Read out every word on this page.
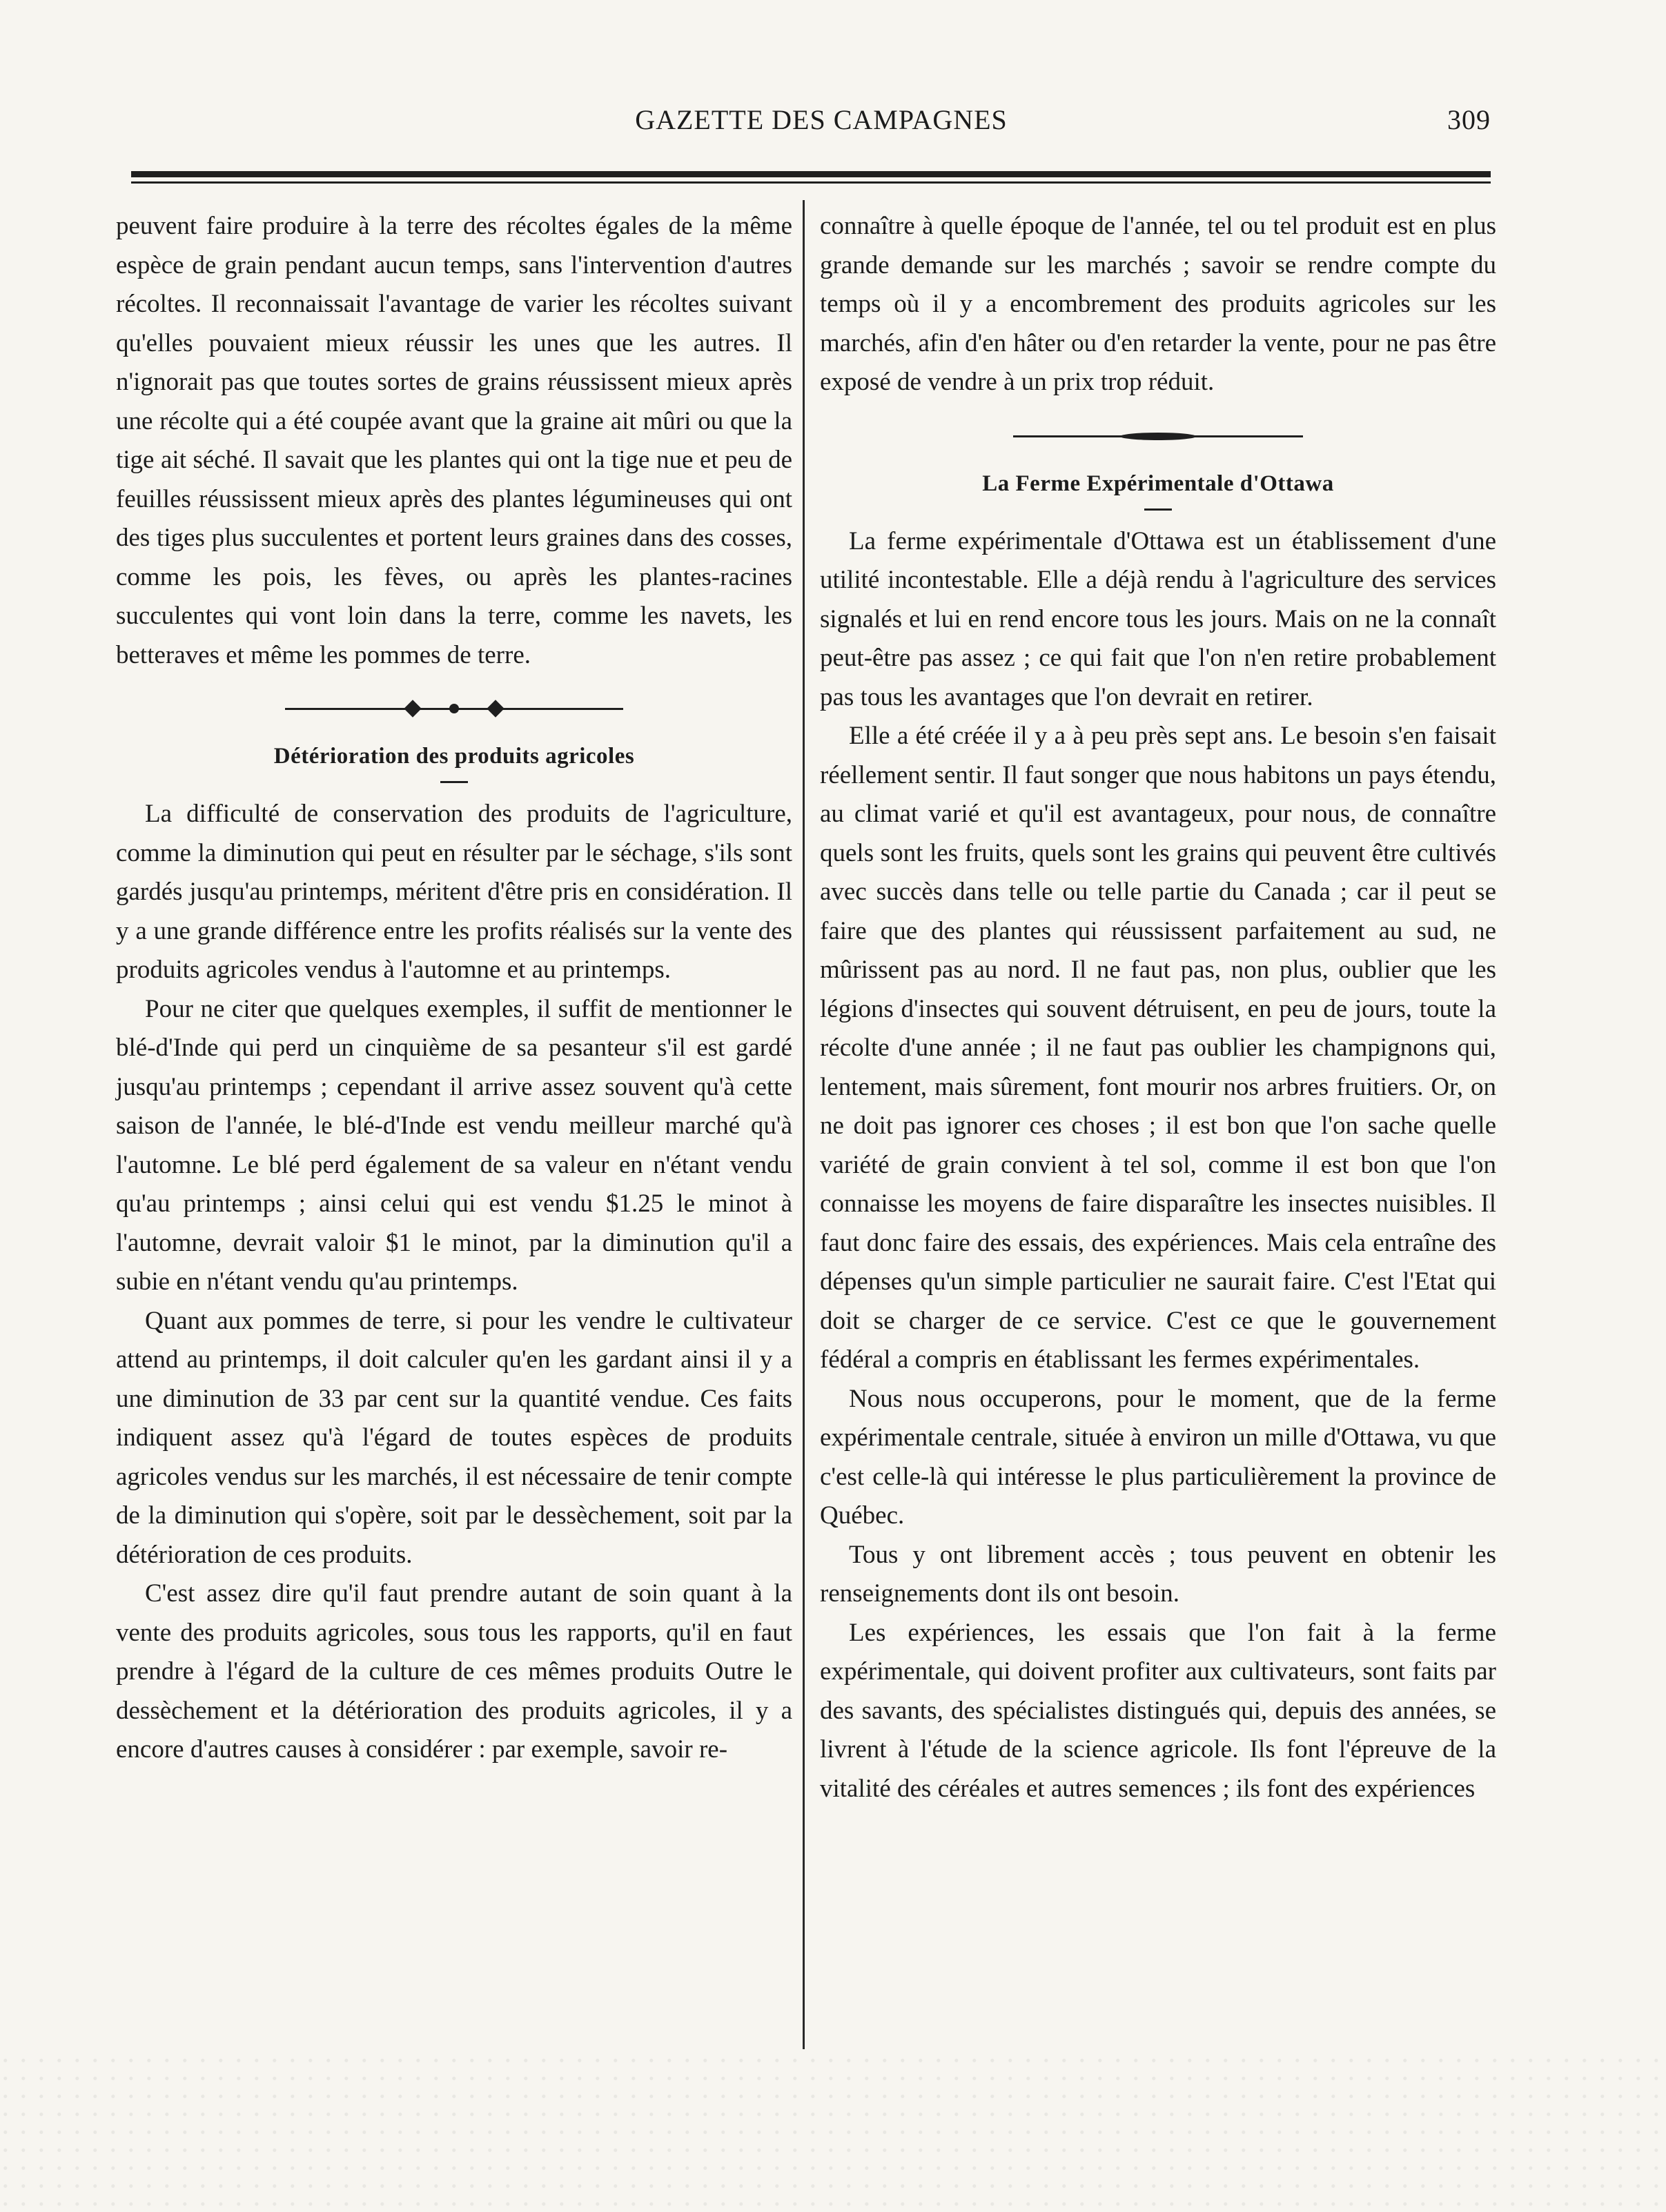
GAZETTE DES CAMPAGNES	309

peuvent faire produire à la terre des récoltes égales de la même espèce de grain pendant aucun temps, sans l'intervention d'autres récoltes. Il reconnaissait l'avantage de varier les récoltes suivant qu'elles pouvaient mieux réussir les unes que les autres. Il n'ignorait pas que toutes sortes de grains réussissent mieux après une récolte qui a été coupée avant que la graine ait mûri ou que la tige ait séché. Il savait que les plantes qui ont la tige nue et peu de feuilles réussissent mieux après des plantes légumineuses qui ont des tiges plus succulentes et portent leurs graines dans des cosses, comme les pois, les fèves, ou après les plantes-racines succulentes qui vont loin dans la terre, comme les navets, les betteraves et même les pommes de terre.

Détérioration des produits agricoles

La difficulté de conservation des produits de l'agriculture, comme la diminution qui peut en résulter par le séchage, s'ils sont gardés jusqu'au printemps, méritent d'être pris en considération. Il y a une grande différence entre les profits réalisés sur la vente des produits agricoles vendus à l'automne et au printemps.

Pour ne citer que quelques exemples, il suffit de mentionner le blé-d'Inde qui perd un cinquième de sa pesanteur s'il est gardé jusqu'au printemps ; cependant il arrive assez souvent qu'à cette saison de l'année, le blé-d'Inde est vendu meilleur marché qu'à l'automne. Le blé perd également de sa valeur en n'étant vendu qu'au printemps ; ainsi celui qui est vendu $1.25 le minot à l'automne, devrait valoir $1 le minot, par la diminution qu'il a subie en n'étant vendu qu'au printemps.

Quant aux pommes de terre, si pour les vendre le cultivateur attend au printemps, il doit calculer qu'en les gardant ainsi il y a une diminution de 33 par cent sur la quantité vendue. Ces faits indiquent assez qu'à l'égard de toutes espèces de produits agricoles vendus sur les marchés, il est nécessaire de tenir compte de la diminution qui s'opère, soit par le dessèchement, soit par la détérioration de ces produits.

C'est assez dire qu'il faut prendre autant de soin quant à la vente des produits agricoles, sous tous les rapports, qu'il en faut prendre à l'égard de la culture de ces mêmes produits Outre le dessèchement et la détérioration des produits agricoles, il y a encore d'autres causes à considérer : par exemple, savoir re-

connaître à quelle époque de l'année, tel ou tel produit est en plus grande demande sur les marchés ; savoir se rendre compte du temps où il y a encombrement des produits agricoles sur les marchés, afin d'en hâter ou d'en retarder la vente, pour ne pas être exposé de vendre à un prix trop réduit.

La Ferme Expérimentale d'Ottawa

La ferme expérimentale d'Ottawa est un établissement d'une utilité incontestable. Elle a déjà rendu à l'agriculture des services signalés et lui en rend encore tous les jours. Mais on ne la connaît peut-être pas assez ; ce qui fait que l'on n'en retire probablement pas tous les avantages que l'on devrait en retirer.

Elle a été créée il y a à peu près sept ans. Le besoin s'en faisait réellement sentir. Il faut songer que nous habitons un pays étendu, au climat varié et qu'il est avantageux, pour nous, de connaître quels sont les fruits, quels sont les grains qui peuvent être cultivés avec succès dans telle ou telle partie du Canada ; car il peut se faire que des plantes qui réussissent parfaitement au sud, ne mûrissent pas au nord. Il ne faut pas, non plus, oublier que les légions d'insectes qui souvent détruisent, en peu de jours, toute la récolte d'une année ; il ne faut pas oublier les champignons qui, lentement, mais sûrement, font mourir nos arbres fruitiers. Or, on ne doit pas ignorer ces choses ; il est bon que l'on sache quelle variété de grain convient à tel sol, comme il est bon que l'on connaisse les moyens de faire disparaître les insectes nuisibles. Il faut donc faire des essais, des expériences. Mais cela entraîne des dépenses qu'un simple particulier ne saurait faire. C'est l'Etat qui doit se charger de ce service. C'est ce que le gouvernement fédéral a compris en établissant les fermes expérimentales.

Nous nous occuperons, pour le moment, que de la ferme expérimentale centrale, située à environ un mille d'Ottawa, vu que c'est celle-là qui intéresse le plus particulièrement la province de Québec.

Tous y ont librement accès ; tous peuvent en obtenir les renseignements dont ils ont besoin.

Les expériences, les essais que l'on fait à la ferme expérimentale, qui doivent profiter aux cultivateurs, sont faits par des savants, des spécialistes distingués qui, depuis des années, se livrent à l'étude de la science agricole. Ils font l'épreuve de la vitalité des céréales et autres semences ; ils font des expériences
